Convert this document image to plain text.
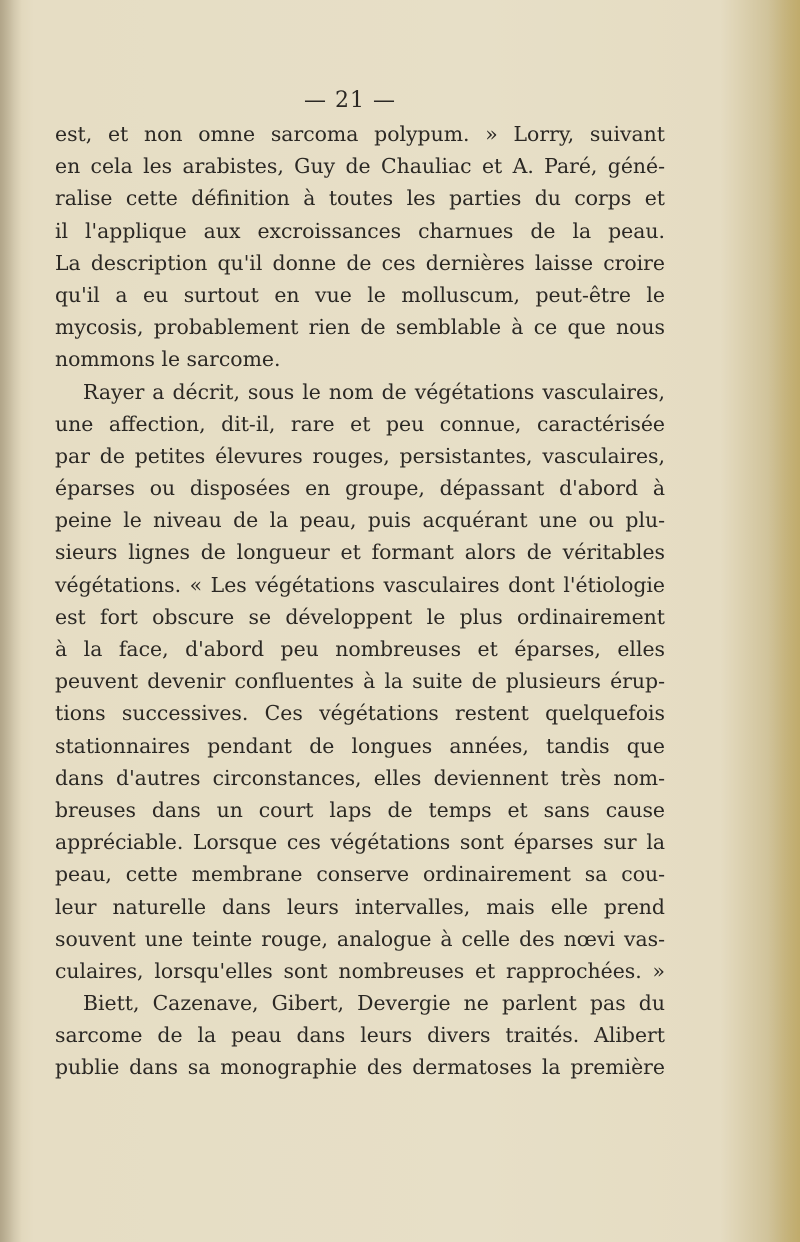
— 21 —
est, et non omne sarcoma polypum. » Lorry, suivant
en cela les arabistes, Guy de Chauliac et A. Paré, géné-
ralise cette définition à toutes les parties du corps et
il l'applique aux excroissances charnues de la peau.
La description qu'il donne de ces dernières laisse croire
qu'il a eu surtout en vue le molluscum, peut-être le
mycosis, probablement rien de semblable à ce que nous
nommons le sarcome.
Rayer a décrit, sous le nom de végétations vasculaires,
une affection, dit-il, rare et peu connue, caractérisée
par de petites élevures rouges, persistantes, vasculaires,
éparses ou disposées en groupe, dépassant d'abord à
peine le niveau de la peau, puis acquérant une ou plu-
sieurs lignes de longueur et formant alors de véritables
végétations. « Les végétations vasculaires dont l'étiologie
est fort obscure se développent le plus ordinairement
à la face, d'abord peu nombreuses et éparses, elles
peuvent devenir confluentes à la suite de plusieurs érup-
tions successives. Ces végétations restent quelquefois
stationnaires pendant de longues années, tandis que
dans d'autres circonstances, elles deviennent très nom-
breuses dans un court laps de temps et sans cause
appréciable. Lorsque ces végétations sont éparses sur la
peau, cette membrane conserve ordinairement sa cou-
leur naturelle dans leurs intervalles, mais elle prend
souvent une teinte rouge, analogue à celle des nœvi vas-
culaires, lorsqu'elles sont nombreuses et rapprochées. »
Biett, Cazenave, Gibert, Devergie ne parlent pas du
sarcome de la peau dans leurs divers traités. Alibert
publie dans sa monographie des dermatoses la première
